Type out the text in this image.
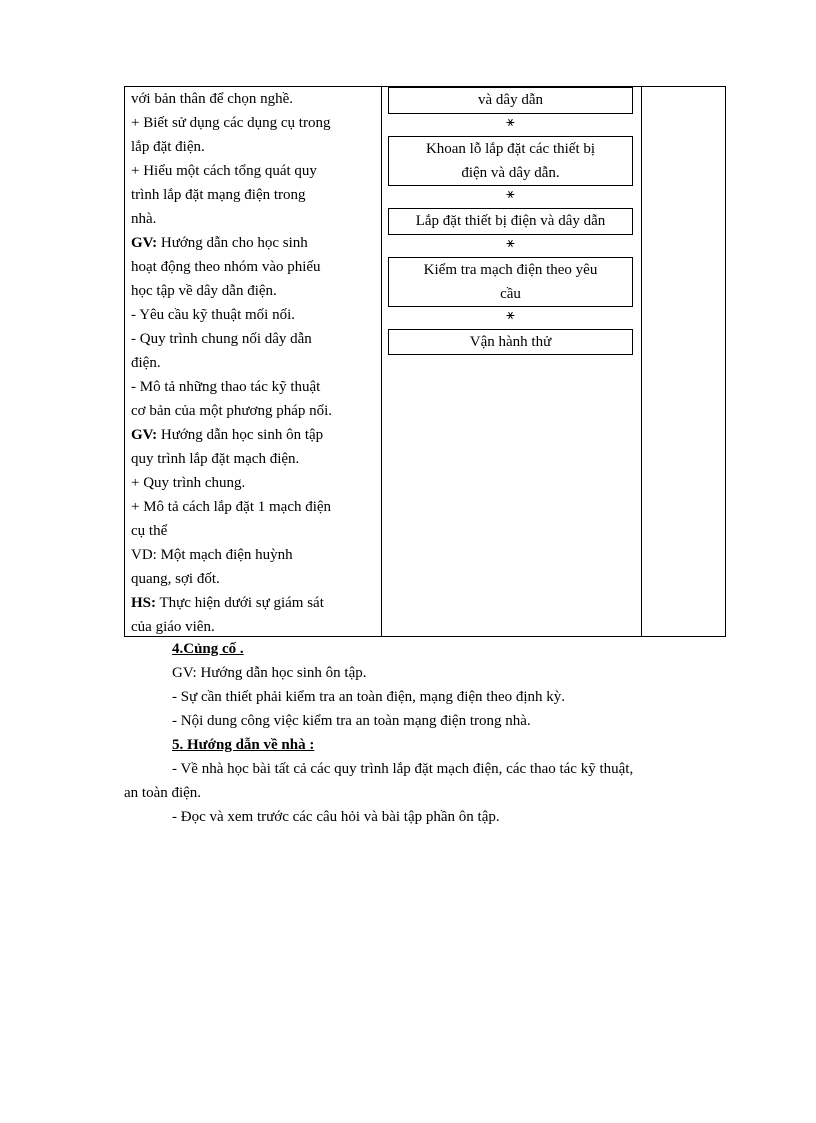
với bản thân để chọn nghề.
+ Biết sử dụng các dụng cụ trong
lắp đặt điện.
+ Hiểu một cách tổng quát quy
trình lắp đặt mạng điện trong
nhà.
GV: Hướng dẫn cho học sinh
hoạt động theo nhóm vào phiếu
học tập về dây dẫn điện.
- Yêu cầu kỹ thuật mối nối.
- Quy trình chung nối dây dẫn
điện.
- Mô tả những thao tác kỹ thuật
cơ bản của một phương pháp nối.
GV: Hướng dẫn học sinh ôn tập
quy trình lắp đặt mạch điện.
+ Quy trình chung.
+ Mô tả cách lắp đặt 1 mạch điện
cụ thể
VD: Một mạch điện huỳnh
quang, sợi đốt.
HS: Thực hiện dưới sự giám sát
của giáo viên.
và dây dẫn
⚹
Khoan lỗ lắp đặt các thiết bị
điện và dây dẫn.
⚹
Lắp đặt thiết bị điện và dây dẫn
⚹
Kiểm tra mạch điện theo yêu
cầu
⚹
Vận hành thử
4.Củng cố .
GV: Hướng dẫn học sinh ôn tập.
- Sự cần thiết phải kiểm tra an toàn điện, mạng điện theo định kỳ.
- Nội dung công việc kiểm tra an toàn mạng điện trong nhà.
5. Hướng dẫn về nhà :
- Về nhà học bài tất cả các quy trình lắp đặt mạch điện, các thao tác kỹ thuật,
an toàn điện.
- Đọc và xem trước các câu hỏi và bài tập phần ôn tập.
